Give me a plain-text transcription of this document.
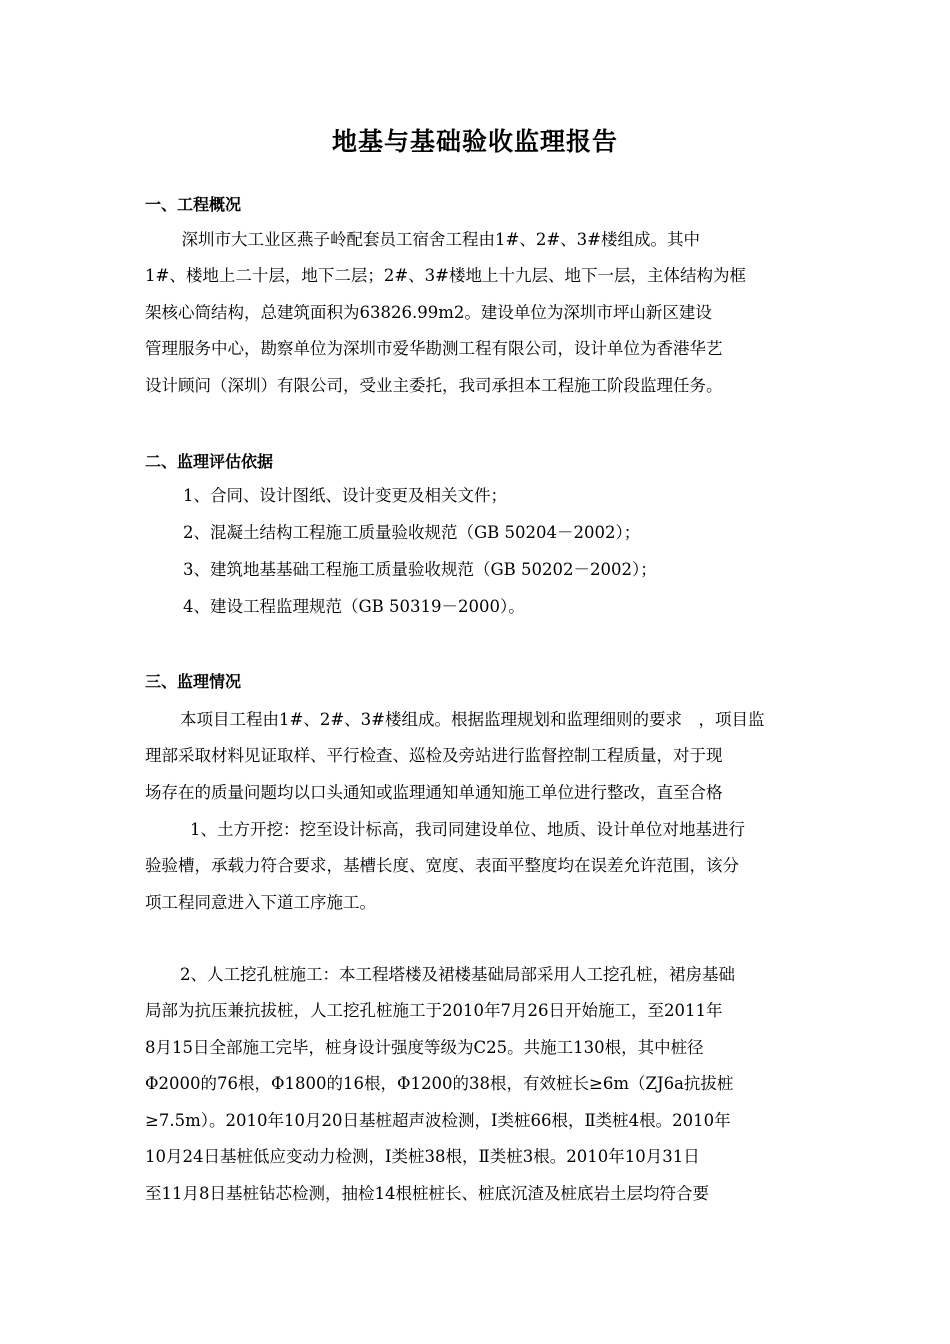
地基与基础验收监理报告
一、工程概况
　深圳市大工业区燕子岭配套员工宿舍工程由1#、2#、3#楼组成。其中
1#、楼地上二十层，地下二层；2#、3#楼地上十九层、地下一层，主体结构为框
架核心筒结构，总建筑面积为63826.99m2。建设单位为深圳市坪山新区建设
管理服务中心，勘察单位为深圳市爱华勘测工程有限公司，设计单位为香港华艺
设计顾问（深圳）有限公司，受业主委托，我司承担本工程施工阶段监理任务。
二、监理评估依据
1、合同、设计图纸、设计变更及相关文件；
2、混凝土结构工程施工质量验收规范（GB 50204－2002）；
3、建筑地基基础工程施工质量验收规范（GB 50202－2002）；
4、建设工程监理规范（GB 50319－2000）。
三、监理情况
本项目工程由1#、2#、3#楼组成。根据监理规划和监理细则的要求　，项目监
理部采取材料见证取样、平行检查、巡检及旁站进行监督控制工程质量，对于现
场存在的质量问题均以口头通知或监理通知单通知施工单位进行整改，直至合格
1、土方开挖：挖至设计标高，我司同建设单位、地质、设计单位对地基进行
验验槽，承载力符合要求，基槽长度、宽度、表面平整度均在误差允许范围，该分
项工程同意进入下道工序施工。
2、人工挖孔桩施工：本工程塔楼及裙楼基础局部采用人工挖孔桩，裙房基础
局部为抗压兼抗拔桩，人工挖孔桩施工于2010年7月26日开始施工，至2011年
8月15日全部施工完毕，桩身设计强度等级为C25。共施工130根，其中桩径
Φ2000的76根，Φ1800的16根，Φ1200的38根，有效桩长≥6m（ZJ6a抗拔桩
≥7.5m）。2010年10月20日基桩超声波检测，Ⅰ类桩66根，Ⅱ类桩4根。2010年
10月24日基桩低应变动力检测，Ⅰ类桩38根，Ⅱ类桩3根。2010年10月31日
至11月8日基桩钻芯检测，抽检14根桩桩长、桩底沉渣及桩底岩土层均符合要
